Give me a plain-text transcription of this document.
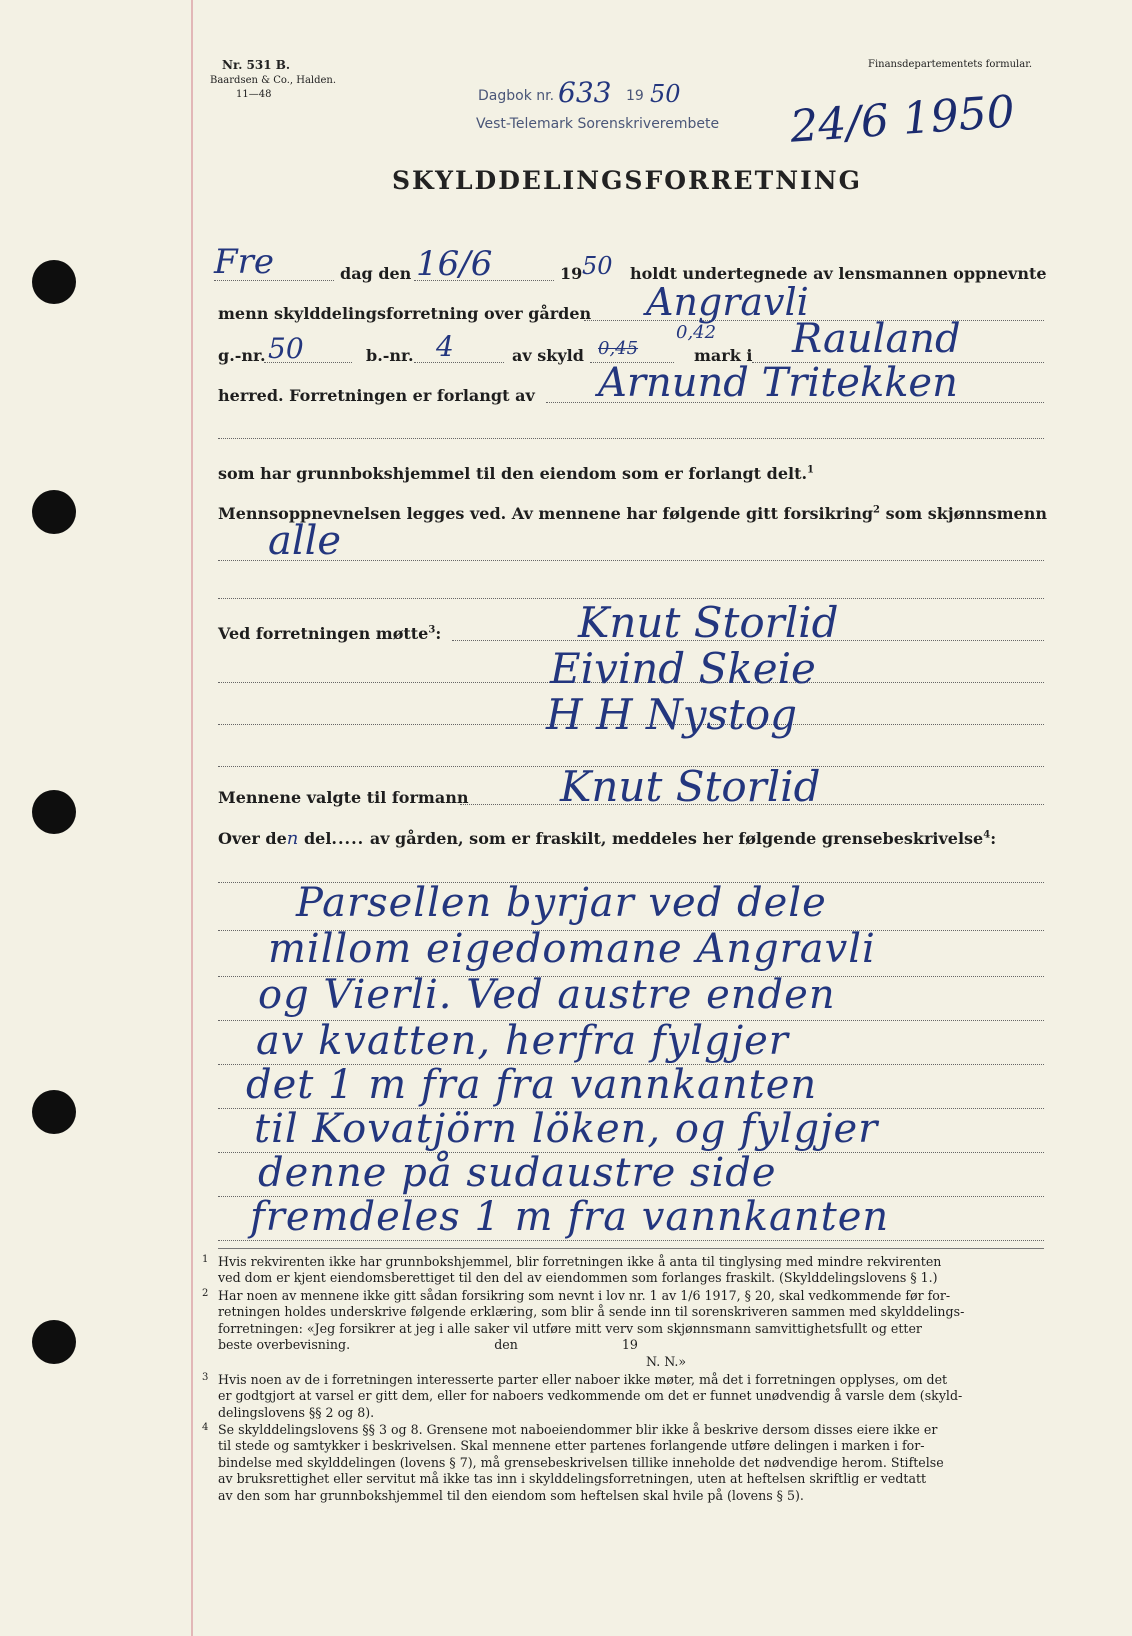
Nr. 531 B.
Baardsen & Co., Halden.
11—48
Finansdepartementets formular.
Dagbok nr. 633 19 50
Vest-Telemark Sorenskriverembete 24/6 1950
SKYLDDELINGSFORRETNING
Fre	dag den 16/6	19 50 holdt undertegnede av lensmannen oppnevnte
menn skylddelingsforretning over gården Angravli
g.-nr. 50	b.-nr. 4	av skyld 0,45
0,42
mark i Rauland
herred. Forretningen er forlangt av Arnund Tritekken
som har grunnbokshjemmel til den eiendom som er forlangt delt.$^1$
Mennsoppnevnelsen legges ved. Av mennene har følgende gitt forsikring$^2$ som skjønnsmenn
alle
Ved forretningen møtte$^3$:	Knut Storlid
Eivind Skeie
H H Nystog
Mennene valgte til formann Knut Storlid
Over den del..... av gården, som er fraskilt, meddeles her følgende grensebeskrivelse$^4$:
Parsellen byrjar ved dele
millom eigedomane Angravli
og Vierli. Ved austre enden
av kvatten, herfra fylgjer
det 1 m fra fra vannkanten
til Kovatjörn löken, og fylgjer
denne på sudaustre side
fremdeles 1 m fra vannkanten
1 Hvis rekvirenten ikke har grunnbokshjemmel, blir forretningen ikke å anta til tinglysing med mindre rekvirenten
ved dom er kjent eiendomsberettiget til den del av eiendommen som forlanges fraskilt. (Skylddelingslovens § 1.)
2 Har noen av mennene ikke gitt sådan forsikring som nevnt i lov nr. 1 av 1/6 1917, § 20, skal vedkommende før for-
retningen holdes underskrive følgende erklæring, som blir å sende inn til sorenskriveren sammen med skylddelings-
forretningen: «Jeg forsikrer at jeg i alle saker vil utføre mitt verv som skjønnsmann samvittighetsfullt og etter
beste overbevisning.                                    den                          19
N. N.»
3 Hvis noen av de i forretningen interesserte parter eller naboer ikke møter, må det i forretningen opplyses, om det
er godtgjort at varsel er gitt dem, eller for naboers vedkommende om det er funnet unødvendig å varsle dem (skyld-
delingslovens §§ 2 og 8).
4 Se skylddelingslovens §§ 3 og 8. Grensene mot naboeiendommer blir ikke å beskrive dersom disses eiere ikke er
til stede og samtykker i beskrivelsen. Skal mennene etter partenes forlangende utføre delingen i marken i for-
bindelse med skylddelingen (lovens § 7), må grensebeskrivelsen tillike inneholde det nødvendige herom. Stiftelse
av bruksrettighet eller servitut må ikke tas inn i skylddelingsforretningen, uten at heftelsen skriftlig er vedtatt
av den som har grunnbokshjemmel til den eiendom som heftelsen skal hvile på (lovens § 5).
